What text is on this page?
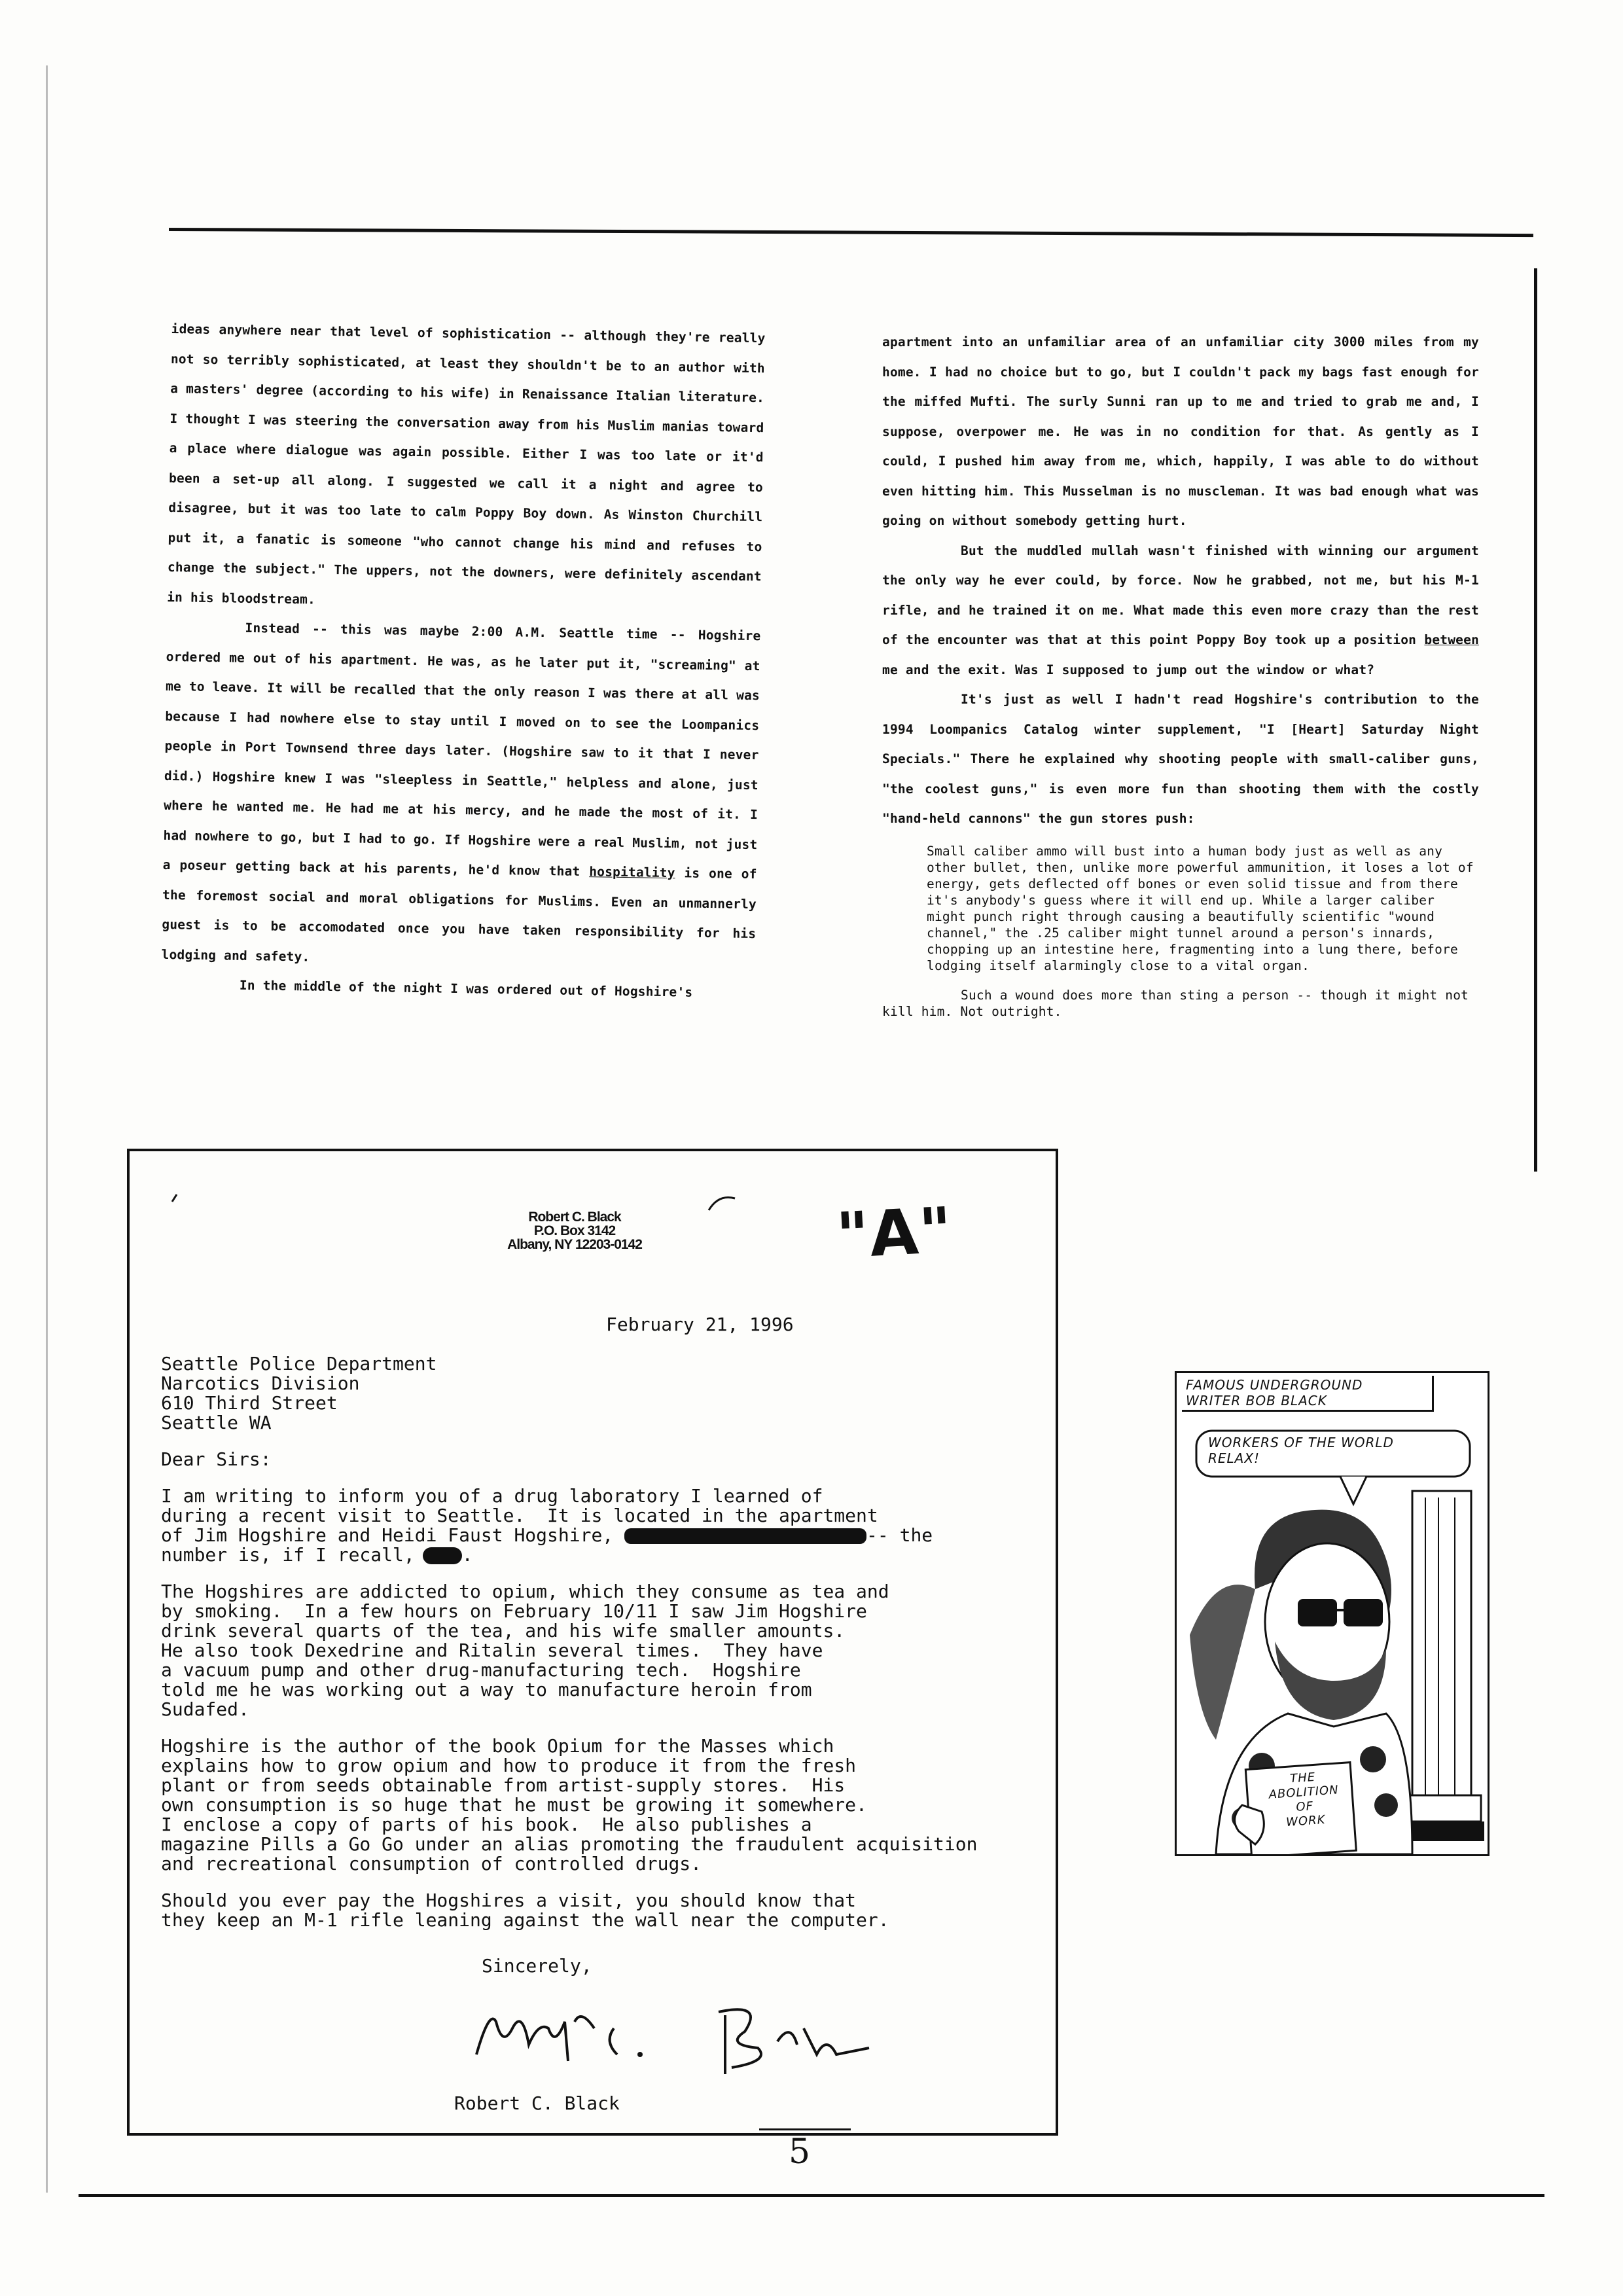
ideas anywhere near that level of sophistication -- although they're really not so terribly sophisticated, at least they shouldn't be to an author with a masters' degree (according to his wife) in Renaissance Italian literature. I thought I was steering the conversation away from his Muslim manias toward a place where dialogue was again possible. Either I was too late or it'd been a set-up all along. I suggested we call it a night and agree to disagree, but it was too late to calm Poppy Boy down. As Winston Churchill put it, a fanatic is someone "who cannot change his mind and refuses to change the subject." The uppers, not the downers, were definitely ascendant in his bloodstream.

Instead -- this was maybe 2:00 A.M. Seattle time -- Hogshire ordered me out of his apartment. He was, as he later put it, "screaming" at me to leave. It will be recalled that the only reason I was there at all was because I had nowhere else to stay until I moved on to see the Loompanics people in Port Townsend three days later. (Hogshire saw to it that I never did.) Hogshire knew I was "sleepless in Seattle," helpless and alone, just where he wanted me. He had me at his mercy, and he made the most of it. I had nowhere to go, but I had to go. If Hogshire were a real Muslim, not just a poseur getting back at his parents, he'd know that hospitality is one of the foremost social and moral obligations for Muslims. Even an unmannerly guest is to be accomodated once you have taken responsibility for his lodging and safety.

In the middle of the night I was ordered out of Hogshire's

apartment into an unfamiliar area of an unfamiliar city 3000 miles from my home. I had no choice but to go, but I couldn't pack my bags fast enough for the miffed Mufti. The surly Sunni ran up to me and tried to grab me and, I suppose, overpower me. He was in no condition for that. As gently as I could, I pushed him away from me, which, happily, I was able to do without even hitting him. This Musselman is no muscleman. It was bad enough what was going on without somebody getting hurt.

But the muddled mullah wasn't finished with winning our argument the only way he ever could, by force. Now he grabbed, not me, but his M-1 rifle, and he trained it on me. What made this even more crazy than the rest of the encounter was that at this point Poppy Boy took up a position between me and the exit. Was I supposed to jump out the window or what?

It's just as well I hadn't read Hogshire's contribution to the 1994 Loompanics Catalog winter supplement, "I [Heart] Saturday Night Specials." There he explained why shooting people with small-caliber guns, "the coolest guns," is even more fun than shooting them with the costly "hand-held cannons" the gun stores push:

Small caliber ammo will bust into a human body just as well as any other bullet, then, unlike more powerful ammunition, it loses a lot of energy, gets deflected off bones or even solid tissue and from there it's anybody's guess where it will end up. While a larger caliber might punch right through causing a beautifully scientific "wound channel," the .25 caliber might tunnel around a person's innards, chopping up an intestine here, fragmenting into a lung there, before lodging itself alarmingly close to a vital organ.

Such a wound does more than sting a person -- though it might not kill him. Not outright.

Robert C. Black
P.O. Box 3142
Albany, NY 12203-0142	"A"

February 21, 1996

Seattle Police Department

Narcotics Division

610 Third Street

Seattle WA

Dear Sirs:

I am writing to inform you of a drug laboratory I learned of

during a recent visit to Seattle.  It is located in the apartment

of Jim Hogshire and Heidi Faust Hogshire,	-- the

number is, if I recall,	.

The Hogshires are addicted to opium, which they consume as tea and

by smoking.  In a few hours on February 10/11 I saw Jim Hogshire

drink several quarts of the tea, and his wife smaller amounts.

He also took Dexedrine and Ritalin several times.  They have

a vacuum pump and other drug-manufacturing tech.  Hogshire

told me he was working out a way to manufacture heroin from

Sudafed.

Hogshire is the author of the book Opium for the Masses which

explains how to grow opium and how to produce it from the fresh

plant or from seeds obtainable from artist-supply stores.  His

own consumption is so huge that he must be growing it somewhere.

I enclose a copy of parts of his book.  He also publishes a

magazine Pills a Go Go under an alias promoting the fraudulent acquisition

and recreational consumption of controlled drugs.

Should you ever pay the Hogshires a visit, you should know that

they keep an M-1 rifle leaning against the wall near the computer.

Sincerely,

Robert C. Black
FAMOUS UNDERGROUND
WRITER BOB BLACK
WORKERS OF THE WORLD
RELAX!
THE
ABOLITION
OF
WORK
5
